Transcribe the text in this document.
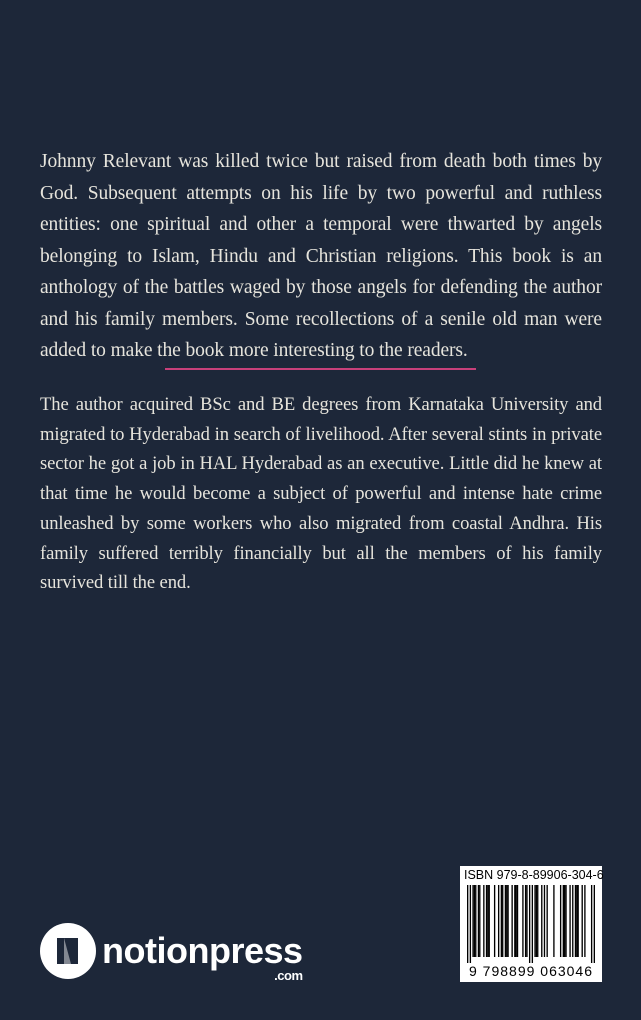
Johnny Relevant was killed twice but raised from death both times by God. Subsequent attempts on his life by two powerful and ruthless entities: one spiritual and other a temporal were thwarted by angels belonging to Islam, Hindu and Christian religions. This book is an anthology of the battles waged by those angels for defending the author and his family members. Some recollections of a senile old man were added to make the book more interesting to the readers.

The author acquired BSc and BE degrees from Karnataka University and migrated to Hyderabad in search of livelihood. After several stints in private sector he got a job in HAL Hyderabad as an executive. Little did he knew at that time he would become a subject of powerful and intense hate crime unleashed by some workers who also migrated from coastal Andhra. His family suffered terribly financially but all the members of his family survived till the end.

notionpress
.com
ISBN 979-8-89906-304-6
9 798899 063046
